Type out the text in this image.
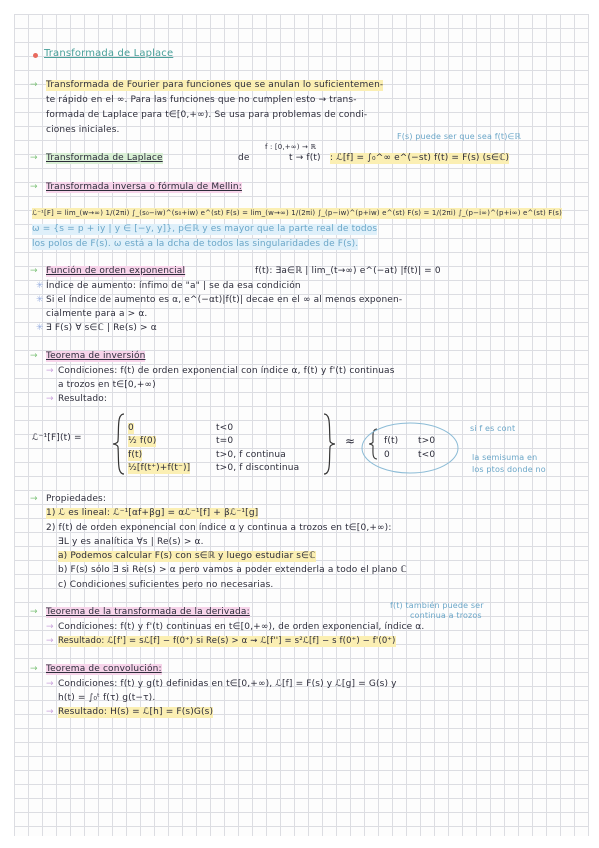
Transformada de Laplace
→ Transformada de Fourier para funciones que se anulan lo suficientemen-
te rápido en el ∞. Para las funciones que no cumplen esto → trans-
formada de Laplace para t∈[0,+∞). Se usa para problemas de condi-
ciones iniciales.
F(s) puede ser que sea f(t)∈ℝ
→ Transformada de Laplace	de
f : [0,+∞) → ℝ
t → f(t) : ℒ[f] = ∫₀^∞ e^(−st) f(t) = F(s) (s∈ℂ)
→ Transformada inversa o fórmula de Mellin:
ℒ⁻¹[F] = lim_(w→∞) 1/(2πi) ∫_(s₀−iw)^(s₀+iw) e^(st) F(s) = lim_(w→∞) 1/(2πi) ∫_(p−iw)^(p+iw) e^(st) F(s) = 1/(2πi) ∫_(p−i∞)^(p+i∞) e^(st) F(s)
ω = {s = p + iy | y ∈ [−y, y]}, p∈ℝ y es mayor que la parte real de todos
los polos de F(s). ω está a la dcha de todos las singularidades de F(s).
→ Función de orden exponencial	f(t): ∃a∈ℝ | lim_(t→∞) e^(−at) |f(t)| = 0
✳ Índice de aumento: ínfimo de "a" | se da esa condición
✳ Si el índice de aumento es α, e^(−αt)|f(t)| decae en el ∞ al menos exponen-
cialmente para a > α.
✳ ∃ F(s) ∀ s∈ℂ | Re(s) > α
→ Teorema de inversión
→ Condiciones: f(t) de orden exponencial con índice α, f(t) y f'(t) continuas
a trozos en t∈[0,+∞)
→ Resultado:
ℒ⁻¹[F](t) =
0	t<0
½ f(0)	t=0
f(t)	t>0, f continua
½[f(t⁺)+f(t⁻)]	t>0, f discontinua
≈	f(t) t>0
0	t<0
si f es cont
la semisuma en
los ptos donde no
→ Propiedades:
1) ℒ es lineal: ℒ⁻¹[αf+βg] = αℒ⁻¹[f] + βℒ⁻¹[g]
2) f(t) de orden exponencial con índice α y continua a trozos en t∈[0,+∞):
∃L y es analítica ∀s | Re(s) > α.
a) Podemos calcular F(s) con s∈ℝ y luego estudiar s∈ℂ
b) F(s) sólo ∃ si Re(s) > α pero vamos a poder extenderla a todo el plano ℂ
c) Condiciones suficientes pero no necesarias.
f(t) también puede ser
continua a trozos
→ Teorema de la transformada de la derivada:
→ Condiciones: f(t) y f'(t) continuas en t∈[0,+∞), de orden exponencial, índice α.
→ Resultado: ℒ[f'] = sℒ[f] − f(0⁺) si Re(s) > α ⇝ ℒ[f''] = s²ℒ[f] − s f(0⁺) − f'(0⁺)
→ Teorema de convolución:
→ Condiciones: f(t) y g(t) definidas en t∈[0,+∞), ℒ[f] = F(s) y ℒ[g] = G(s) y
h(t) = ∫₀ᵗ f(τ) g(t−τ).
→ Resultado: H(s) = ℒ[h] = F(s)G(s)
